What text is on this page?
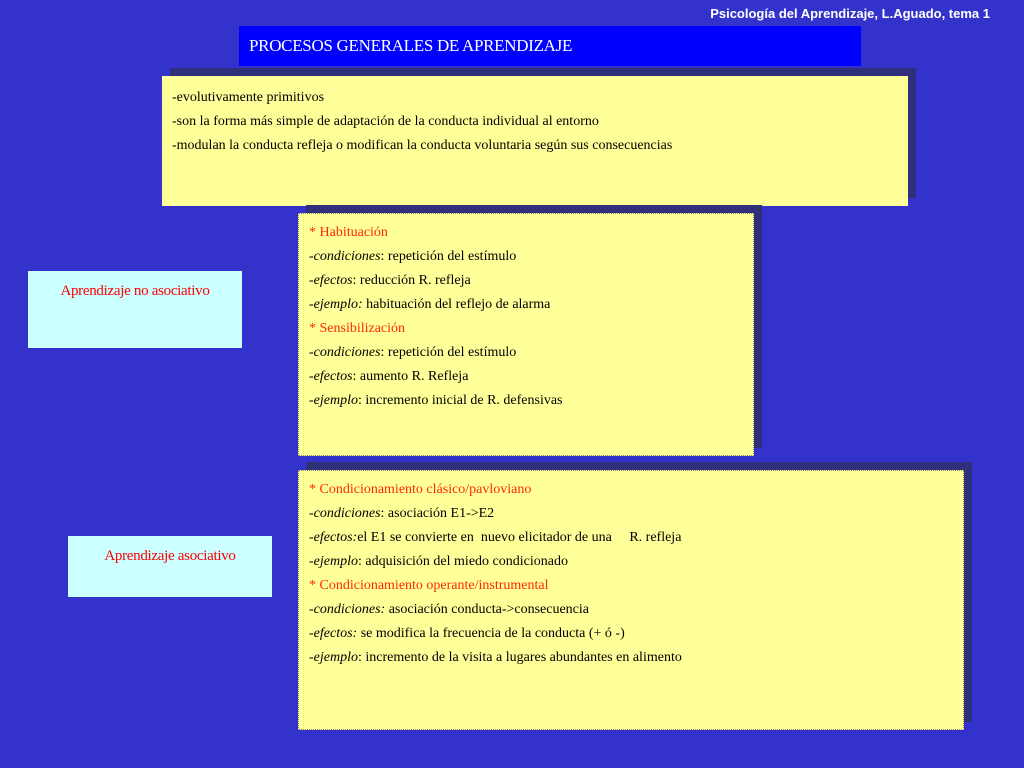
Psicología del Aprendizaje, L.Aguado, tema 1
PROCESOS GENERALES DE APRENDIZAJE
-evolutivamente primitivos
-son la forma más simple de adaptación de la conducta individual al entorno
-modulan la conducta refleja o modifican la conducta voluntaria según sus consecuencias
Aprendizaje no asociativo
* Habituación
-condiciones: repetición del estímulo
-efectos: reducción R. refleja
-ejemplo: habituación del reflejo de alarma
* Sensibilización
-condiciones: repetición del estímulo
-efectos: aumento R. Refleja
-ejemplo: incremento inicial de R. defensivas
Aprendizaje asociativo
* Condicionamiento clásico/pavloviano
-condiciones: asociación E1->E2
-efectos:el E1 se convierte en  nuevo elicitador de una     R. refleja
-ejemplo: adquisición del miedo condicionado
* Condicionamiento operante/instrumental
-condiciones: asociación conducta->consecuencia
-efectos: se modifica la frecuencia de la conducta (+ ó -)
-ejemplo: incremento de la visita a lugares abundantes en alimento
